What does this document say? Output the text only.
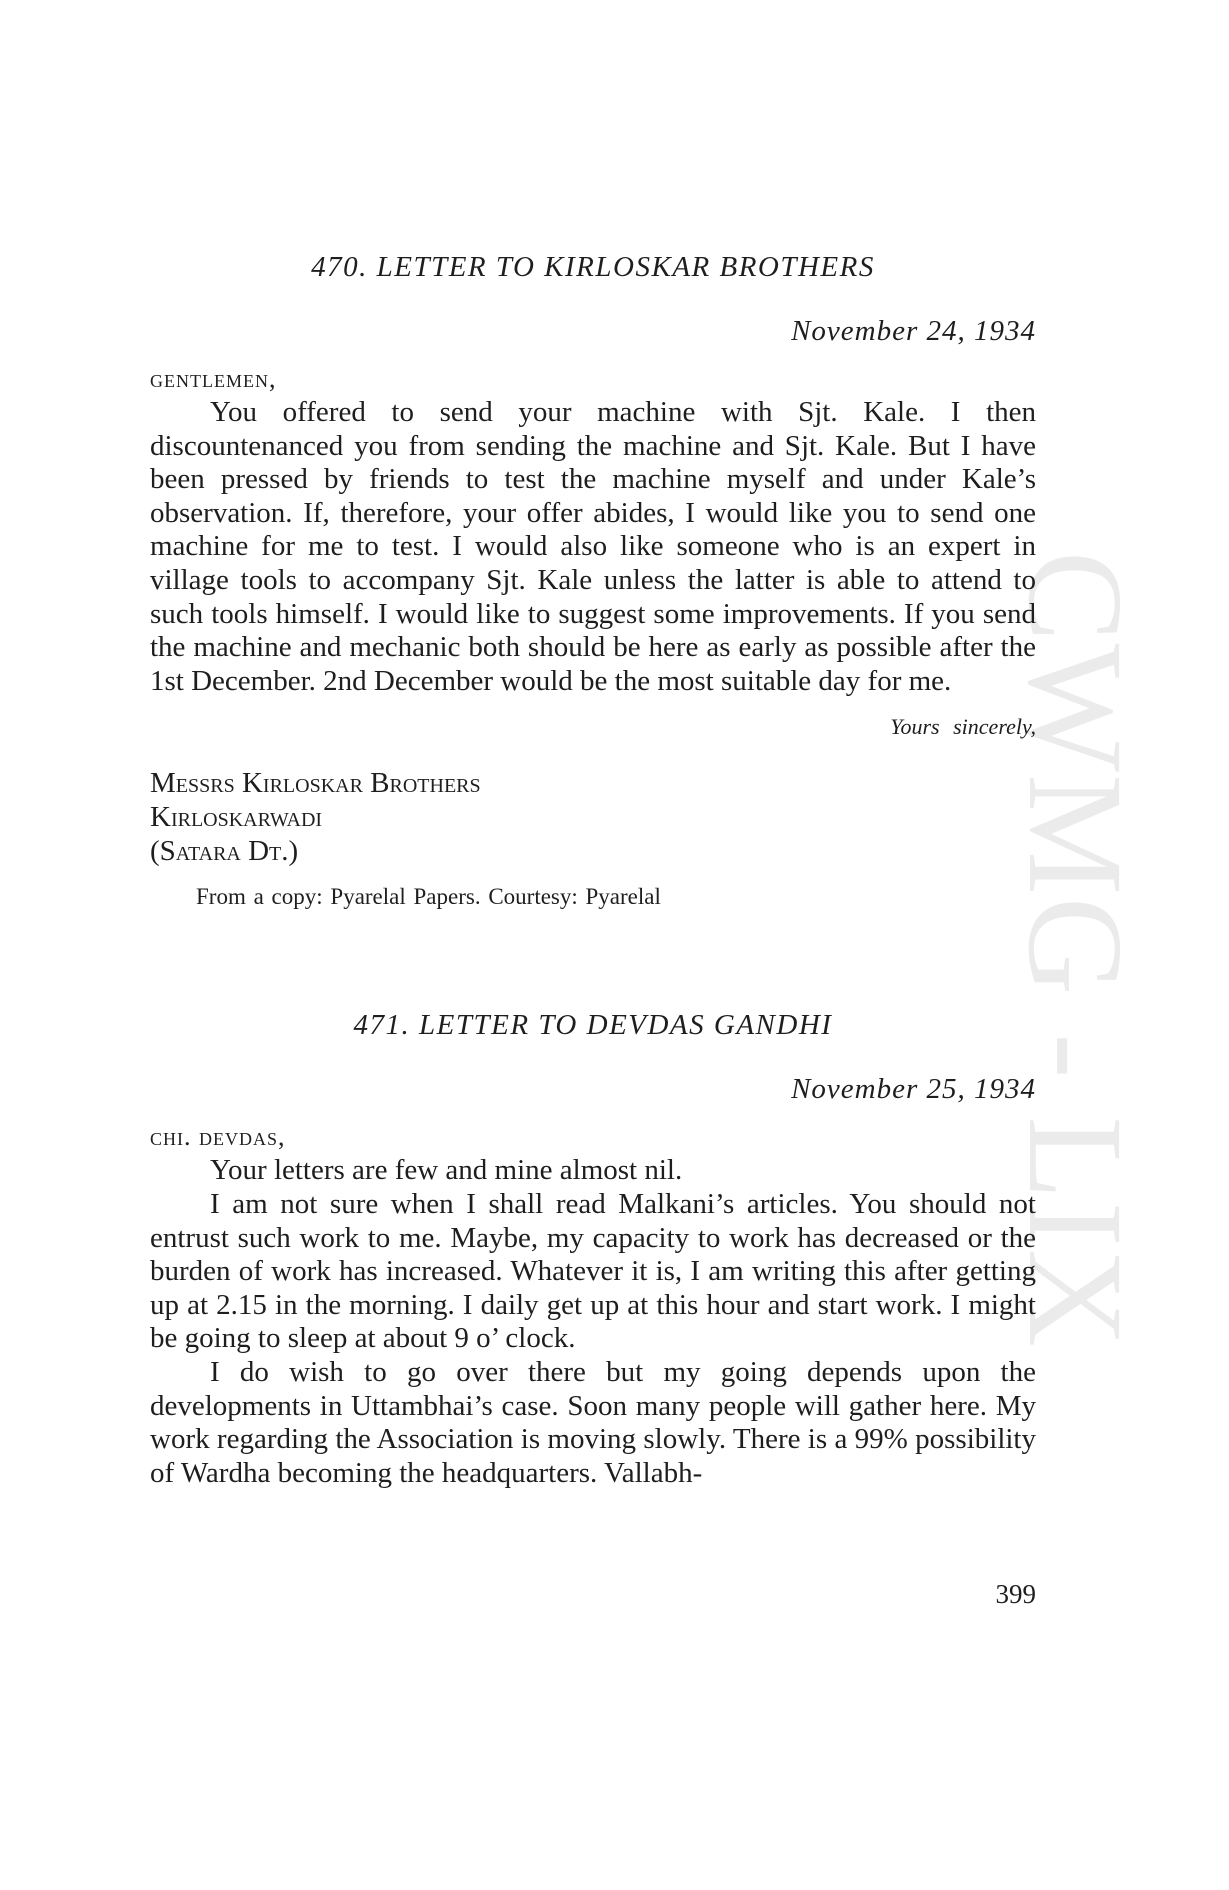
CWMG - LIX
470. LETTER TO KIRLOSKAR BROTHERS
November 24, 1934
gentlemen,

You offered to send your machine with Sjt. Kale. I then discountenanced you from sending the machine and Sjt. Kale. But I have been pressed by friends to test the machine myself and under Kale’s observation. If, therefore, your offer abides, I would like you to send one machine for me to test. I would also like someone who is an expert in village tools to accompany Sjt. Kale unless the latter is able to attend to such tools himself. I would like to suggest some improvements. If you send the machine and mechanic both should be here as early as possible after the 1st December. 2nd December would be the most suitable day for me.

Yours sincerely,
Messrs Kirloskar Brothers
Kirloskarwadi
(Satara Dt.)
From a copy: Pyarelal Papers. Courtesy: Pyarelal
471. LETTER TO DEVDAS GANDHI
November 25, 1934
chi. devdas,

Your letters are few and mine almost nil.

I am not sure when I shall read Malkani’s articles. You should not entrust such work to me. Maybe, my capacity to work has decreased or the burden of work has increased. Whatever it is, I am writing this after getting up at 2.15 in the morning. I daily get up at this hour and start work. I might be going to sleep at about 9 o’ clock.

I do wish to go over there but my going depends upon the developments in Uttambhai’s case. Soon many people will gather here. My work regarding the Association is moving slowly. There is a 99% possibility of Wardha becoming the headquarters. Vallabh-

399
